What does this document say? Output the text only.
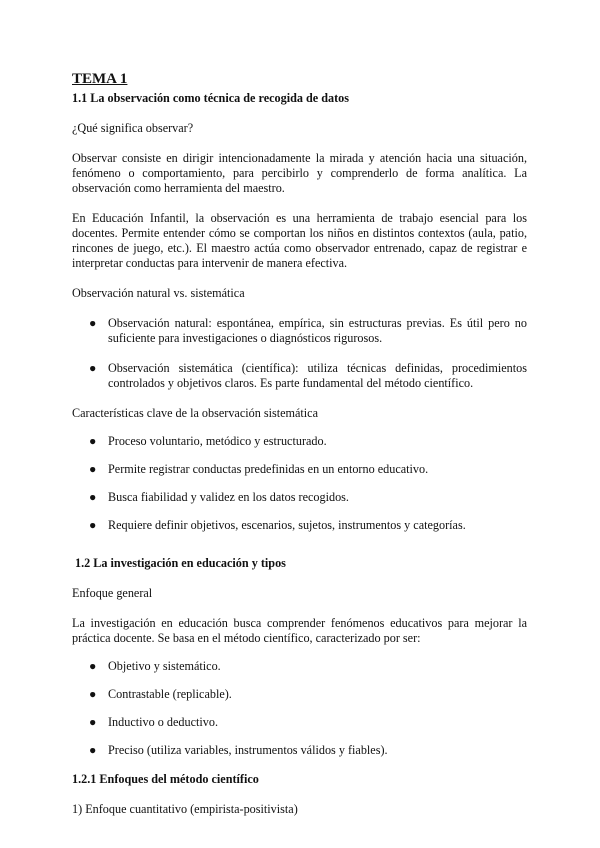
TEMA 1
1.1 La observación como técnica de recogida de datos

¿Qué significa observar?

Observar consiste en dirigir intencionadamente la mirada y atención hacia una situación, fenómeno o comportamiento, para percibirlo y comprenderlo de forma analítica. La observación como herramienta del maestro.

En Educación Infantil, la observación es una herramienta de trabajo esencial para los docentes. Permite entender cómo se comportan los niños en distintos contextos (aula, patio, rincones de juego, etc.). El maestro actúa como observador entrenado, capaz de registrar e interpretar conductas para intervenir de manera efectiva.

Observación natural vs. sistemática

● Observación natural: espontánea, empírica, sin estructuras previas. Es útil pero no suficiente para investigaciones o diagnósticos rigurosos.
● Observación sistemática (científica): utiliza técnicas definidas, procedimientos controlados y objetivos claros. Es parte fundamental del método científico.

Características clave de la observación sistemática

● Proceso voluntario, metódico y estructurado.
● Permite registrar conductas predefinidas en un entorno educativo.
● Busca fiabilidad y validez en los datos recogidos.
● Requiere definir objetivos, escenarios, sujetos, instrumentos y categorías.
1.2 La investigación en educación y tipos

Enfoque general

La investigación en educación busca comprender fenómenos educativos para mejorar la práctica docente. Se basa en el método científico, caracterizado por ser:

● Objetivo y sistemático.
● Contrastable (replicable).
● Inductivo o deductivo.
● Preciso (utiliza variables, instrumentos válidos y fiables).
1.2.1 Enfoques del método científico

1) Enfoque cuantitativo (empirista-positivista)
